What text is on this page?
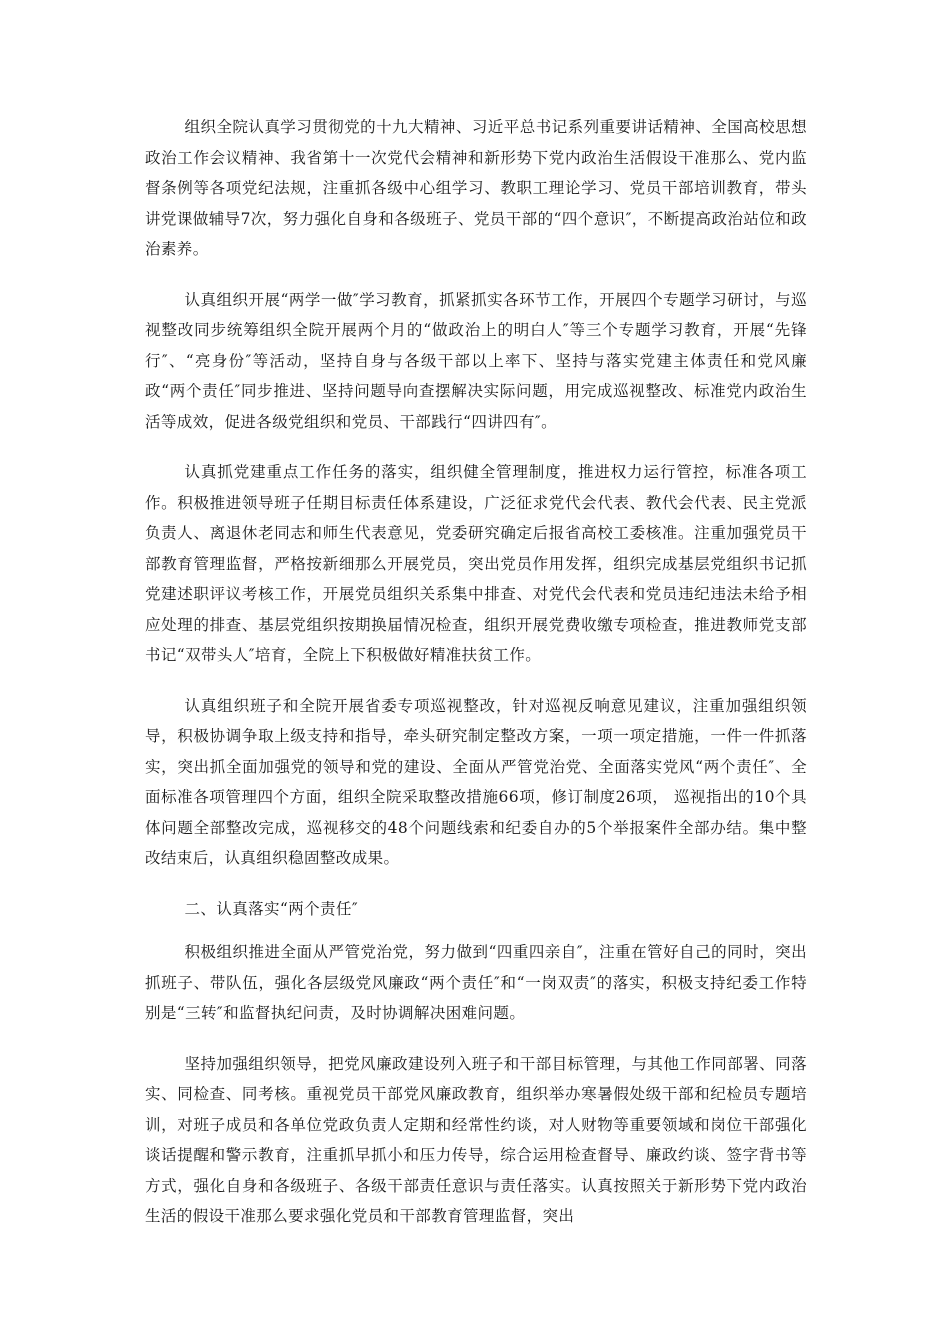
组织全院认真学习贯彻党的十九大精神、习近平总书记系列重要讲话精神、全国高校思想政治工作会议精神、我省第十一次党代会精神和新形势下党内政治生活假设干准那么、党内监督条例等各项党纪法规，注重抓各级中心组学习、教职工理论学习、党员干部培训教育，带头讲党课做辅导7次，努力强化自身和各级班子、党员干部的“四个意识″，不断提高政治站位和政治素养。

认真组织开展“两学一做″学习教育，抓紧抓实各环节工作，开展四个专题学习研讨，与巡视整改同步统筹组织全院开展两个月的“做政治上的明白人″等三个专题学习教育，开展“先锋行″、“亮身份″等活动，坚持自身与各级干部以上率下、坚持与落实党建主体责任和党风廉政“两个责任″同步推进、坚持问题导向查摆解决实际问题，用完成巡视整改、标准党内政治生活等成效，促进各级党组织和党员、干部践行“四讲四有″。

认真抓党建重点工作任务的落实，组织健全管理制度，推进权力运行管控，标准各项工作。积极推进领导班子任期目标责任体系建设，广泛征求党代会代表、教代会代表、民主党派负责人、离退休老同志和师生代表意见，党委研究确定后报省高校工委核准。注重加强党员干部教育管理监督，严格按新细那么开展党员，突出党员作用发挥，组织完成基层党组织书记抓党建述职评议考核工作，开展党员组织关系集中排查、对党代会代表和党员违纪违法未给予相应处理的排查、基层党组织按期换届情况检查，组织开展党费收缴专项检查，推进教师党支部书记“双带头人″培育，全院上下积极做好精准扶贫工作。

认真组织班子和全院开展省委专项巡视整改，针对巡视反响意见建议，注重加强组织领导，积极协调争取上级支持和指导，牵头研究制定整改方案，一项一项定措施，一件一件抓落实，突出抓全面加强党的领导和党的建设、全面从严管党治党、全面落实党风“两个责任″、全面标准各项管理四个方面，组织全院采取整改措施66项，修订制度26项， 巡视指出的10个具体问题全部整改完成，巡视移交的48个问题线索和纪委自办的5个举报案件全部办结。集中整改结束后，认真组织稳固整改成果。

二、认真落实“两个责任″

积极组织推进全面从严管党治党，努力做到“四重四亲自″，注重在管好自己的同时，突出抓班子、带队伍，强化各层级党风廉政“两个责任″和“一岗双责″的落实，积极支持纪委工作特别是“三转″和监督执纪问责，及时协调解决困难问题。

坚持加强组织领导，把党风廉政建设列入班子和干部目标管理，与其他工作同部署、同落实、同检查、同考核。重视党员干部党风廉政教育，组织举办寒暑假处级干部和纪检员专题培训，对班子成员和各单位党政负责人定期和经常性约谈，对人财物等重要领域和岗位干部强化谈话提醒和警示教育，注重抓早抓小和压力传导，综合运用检查督导、廉政约谈、签字背书等方式，强化自身和各级班子、各级干部责任意识与责任落实。认真按照关于新形势下党内政治生活的假设干准那么要求强化党员和干部教育管理监督，突出
